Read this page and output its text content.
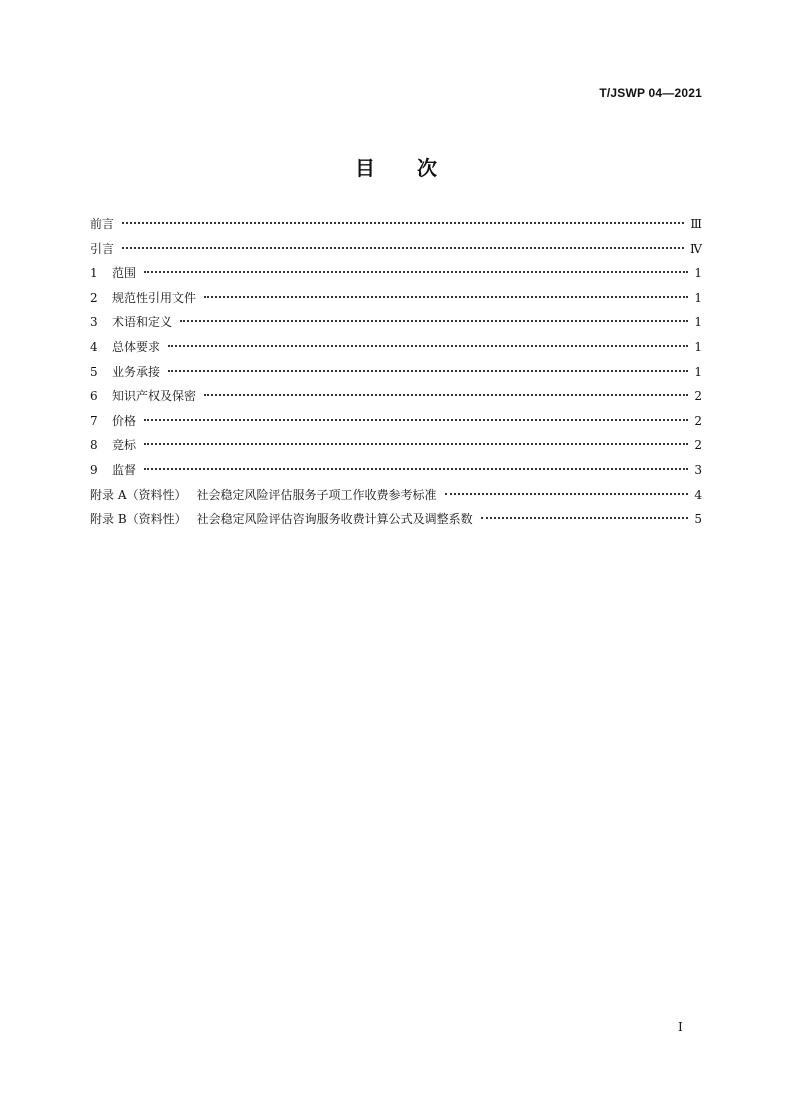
T/JSWP 04—2021
目 次
前言	Ⅲ
引言	Ⅳ
1 范围	1
2 规范性引用文件	1
3 术语和定义	1
4 总体要求	1
5 业务承接	1
6 知识产权及保密	2
7 价格	2
8 竞标	2
9 监督	3
附录 A（资料性） 社会稳定风险评估服务子项工作收费参考标准	4
附录 B（资料性） 社会稳定风险评估咨询服务收费计算公式及调整系数	5
I
